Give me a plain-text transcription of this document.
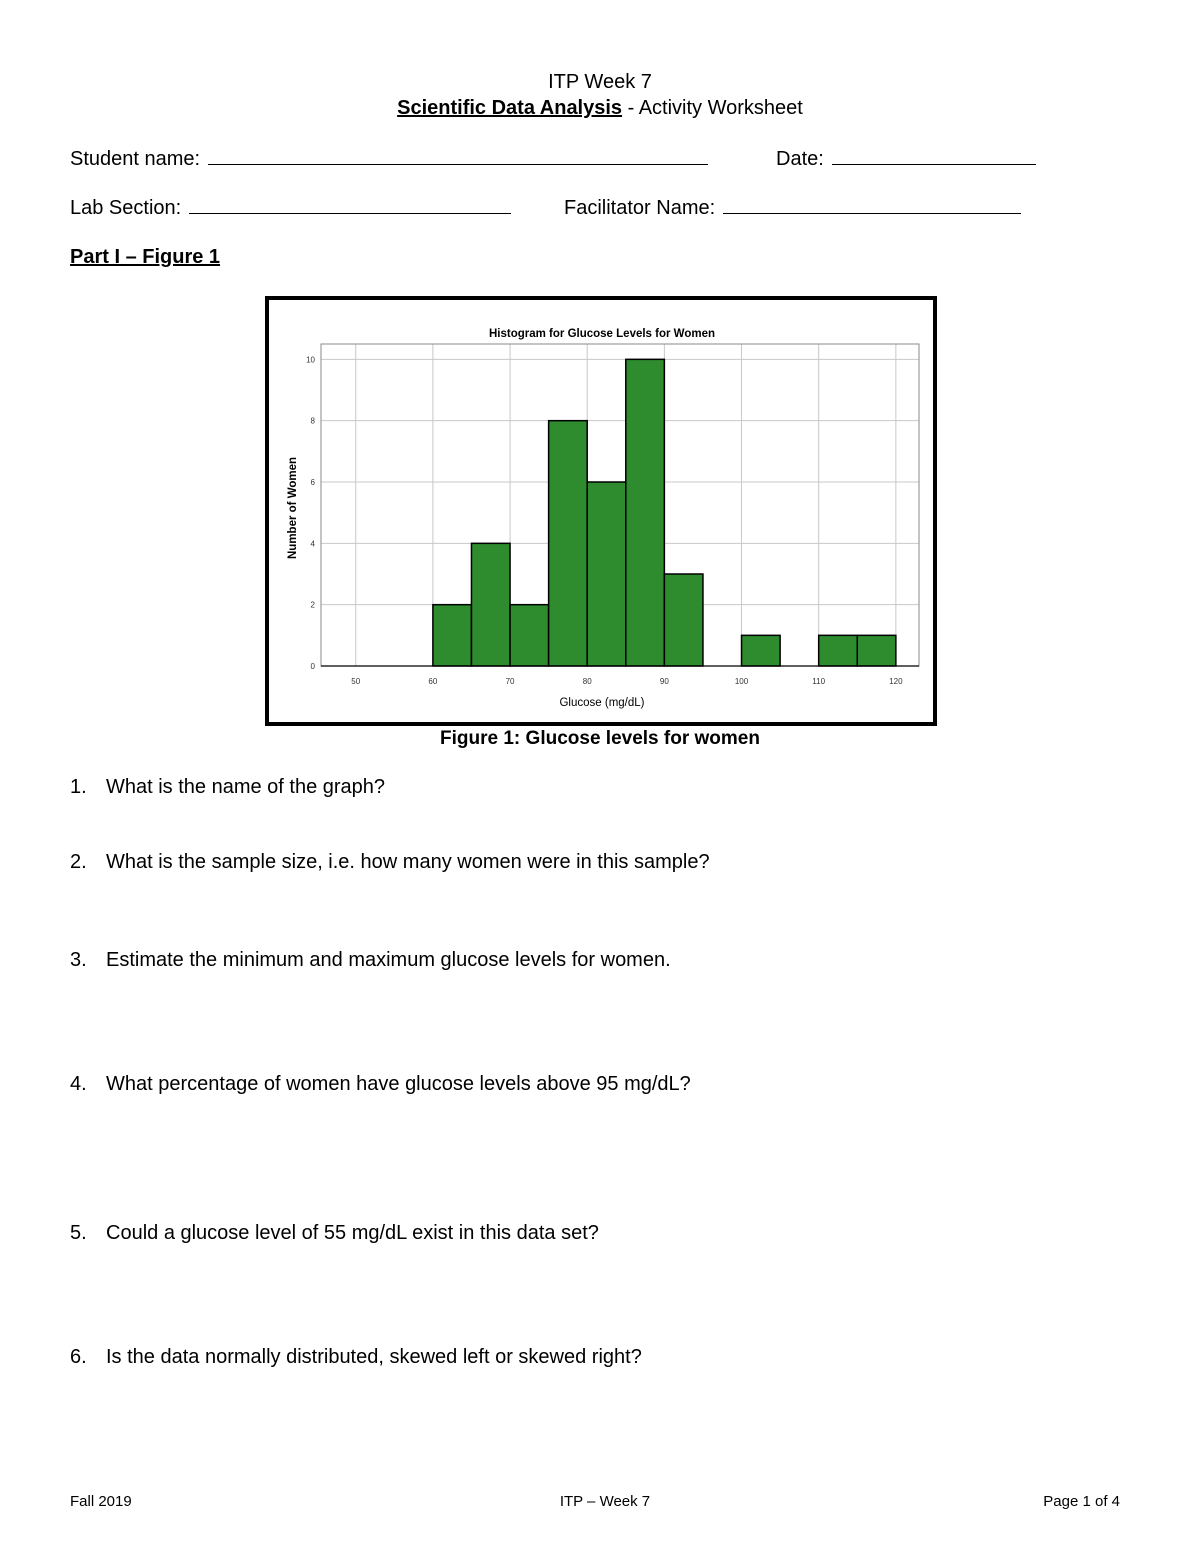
ITP Week 7
Scientific Data Analysis - Activity Worksheet
Student name:	Date:
Lab Section:	Facilitator Name:
Part I – Figure 1
Histogram for Glucose Levels for Women
50	60	70	80	90	100	110	120
0
2
4
6
8
10
Glucose (mg/dL)
Number of Women
Figure 1: Glucose levels for women
1. What is the name of the graph?
2. What is the sample size, i.e. how many women were in this sample?
3. Estimate the minimum and maximum glucose levels for women.
4. What percentage of women have glucose levels above 95 mg/dL?
5. Could a glucose level of 55 mg/dL exist in this data set?
6. Is the data normally distributed, skewed left or skewed right?
Fall 2019	ITP – Week 7	Page 1 of 4
